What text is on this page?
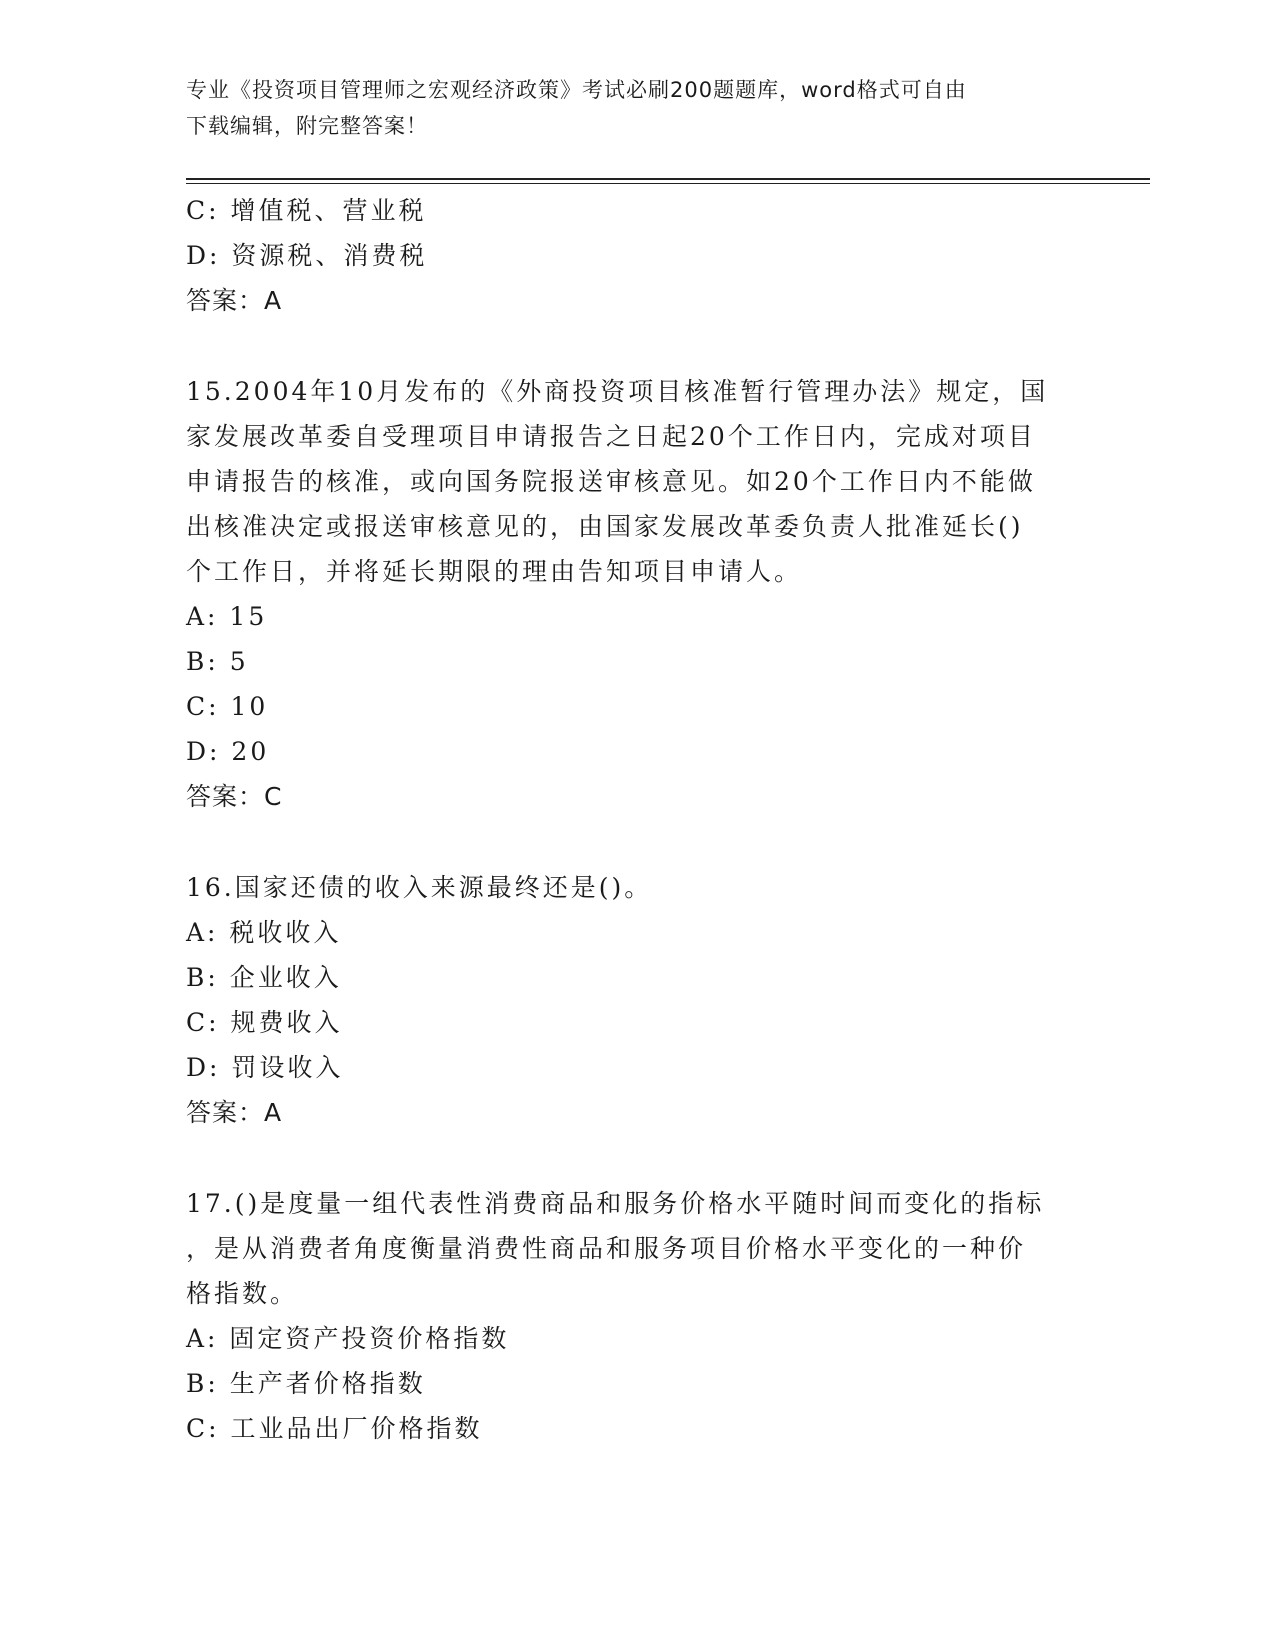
专业《投资项目管理师之宏观经济政策》考试必刷200题题库，word格式可自由
下载编辑，附完整答案！
C: 增值税、营业税
D: 资源税、消费税
答案：A
15.2004年10月发布的《外商投资项目核准暂行管理办法》规定，国
家发展改革委自受理项目申请报告之日起20个工作日内，完成对项目
申请报告的核准，或向国务院报送审核意见。如20个工作日内不能做
出核准决定或报送审核意见的，由国家发展改革委负责人批准延长()
个工作日，并将延长期限的理由告知项目申请人。
A: 15
B: 5
C: 10
D: 20
答案：C
16.国家还债的收入来源最终还是()。
A: 税收收入
B: 企业收入
C: 规费收入
D: 罚设收入
答案：A
17.()是度量一组代表性消费商品和服务价格水平随时间而变化的指标
，是从消费者角度衡量消费性商品和服务项目价格水平变化的一种价
格指数。
A: 固定资产投资价格指数
B: 生产者价格指数
C: 工业品出厂价格指数
